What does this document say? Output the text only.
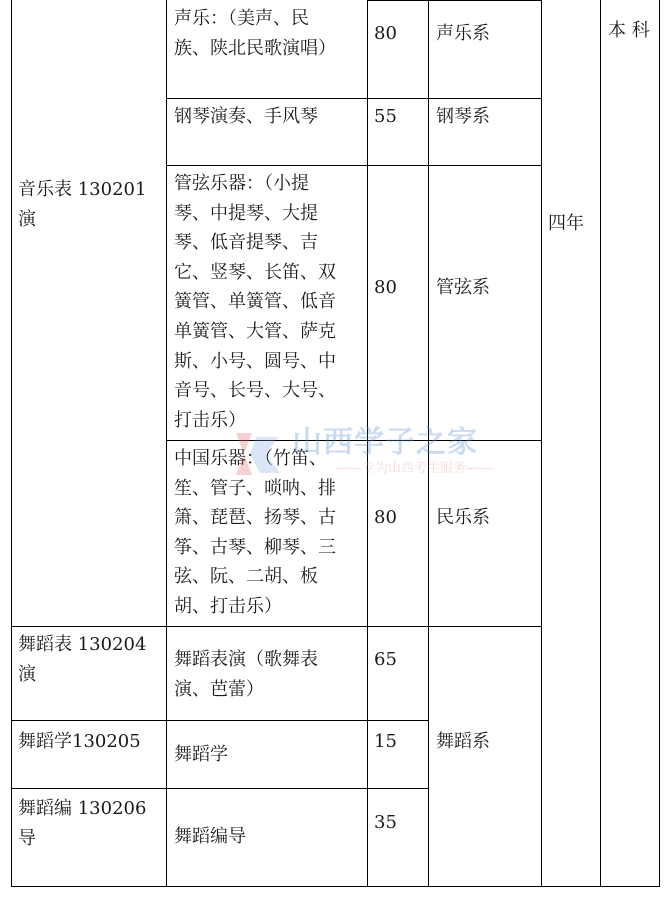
音乐表 130201
演

舞蹈表 130204
演

舞蹈学130205

舞蹈编 130206
导

声乐：（美声、民
族、陕北民歌演唱）

钢琴演奏、手风琴

管弦乐器：（小提
琴、中提琴、大提
琴、低音提琴、吉
它、竖琴、长笛、双
簧管、单簧管、低音
单簧管、大管、萨克
斯、小号、圆号、中
音号、长号、大号、
打击乐）

中国乐器：（竹笛、
笙、管子、唢呐、排
箫、琵琶、扬琴、古
筝、古琴、柳琴、三
弦、阮、二胡、板
胡、打击乐）

舞蹈表演（歌舞表
演、芭蕾）

舞蹈学

舞蹈编导

80

55

80

80

65

15

35

声乐系

钢琴系

管弦系

民乐系

舞蹈系

四年

本 科

山西学子之家
——专为山西考生服务——
